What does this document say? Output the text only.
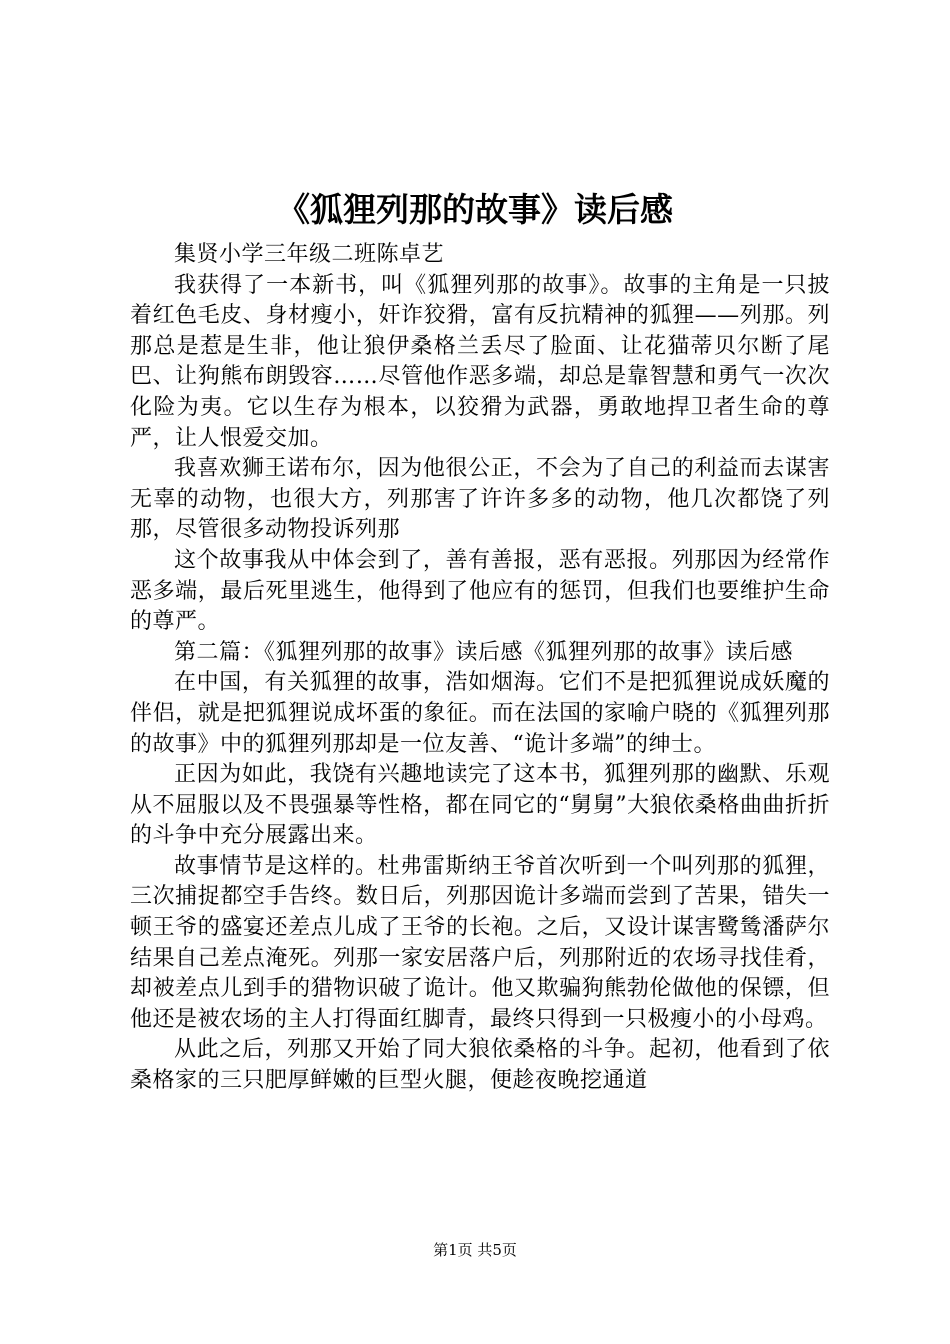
《狐狸列那的故事》读后感

集贤小学三年级二班陈卓艺

我获得了一本新书，叫《狐狸列那的故事》。故事的主角是一只披着红色毛皮、身材瘦小，奸诈狡猾，富有反抗精神的狐狸——列那。列那总是惹是生非，他让狼伊桑格兰丢尽了脸面、让花猫蒂贝尔断了尾巴、让狗熊布朗毁容……尽管他作恶多端，却总是靠智慧和勇气一次次化险为夷。它以生存为根本，以狡猾为武器，勇敢地捍卫者生命的尊严，让人恨爱交加。

我喜欢狮王诺布尔，因为他很公正，不会为了自己的利益而去谋害无辜的动物，也很大方，列那害了许许多多的动物，他几次都饶了列那，尽管很多动物投诉列那

这个故事我从中体会到了，善有善报，恶有恶报。列那因为经常作恶多端，最后死里逃生，他得到了他应有的惩罚，但我们也要维护生命的尊严。

第二篇：《狐狸列那的故事》读后感《狐狸列那的故事》读后感

在中国，有关狐狸的故事，浩如烟海。它们不是把狐狸说成妖魔的伴侣，就是把狐狸说成坏蛋的象征。而在法国的家喻户晓的《狐狸列那的故事》中的狐狸列那却是一位友善、“诡计多端”的绅士。

正因为如此，我饶有兴趣地读完了这本书，狐狸列那的幽默、乐观从不屈服以及不畏强暴等性格，都在同它的“舅舅”大狼依桑格曲曲折折的斗争中充分展露出来。

故事情节是这样的。杜弗雷斯纳王爷首次听到一个叫列那的狐狸，三次捕捉都空手告终。数日后，列那因诡计多端而尝到了苦果，错失一顿王爷的盛宴还差点儿成了王爷的长袍。之后，又设计谋害鹭鸶潘萨尔结果自己差点淹死。列那一家安居落户后，列那附近的农场寻找佳肴，却被差点儿到手的猎物识破了诡计。他又欺骗狗熊勃伦做他的保镖，但他还是被农场的主人打得面红脚青，最终只得到一只极瘦小的小母鸡。

从此之后，列那又开始了同大狼依桑格的斗争。起初，他看到了依桑格家的三只肥厚鲜嫩的巨型火腿，便趁夜晚挖通道

第1页 共5页
